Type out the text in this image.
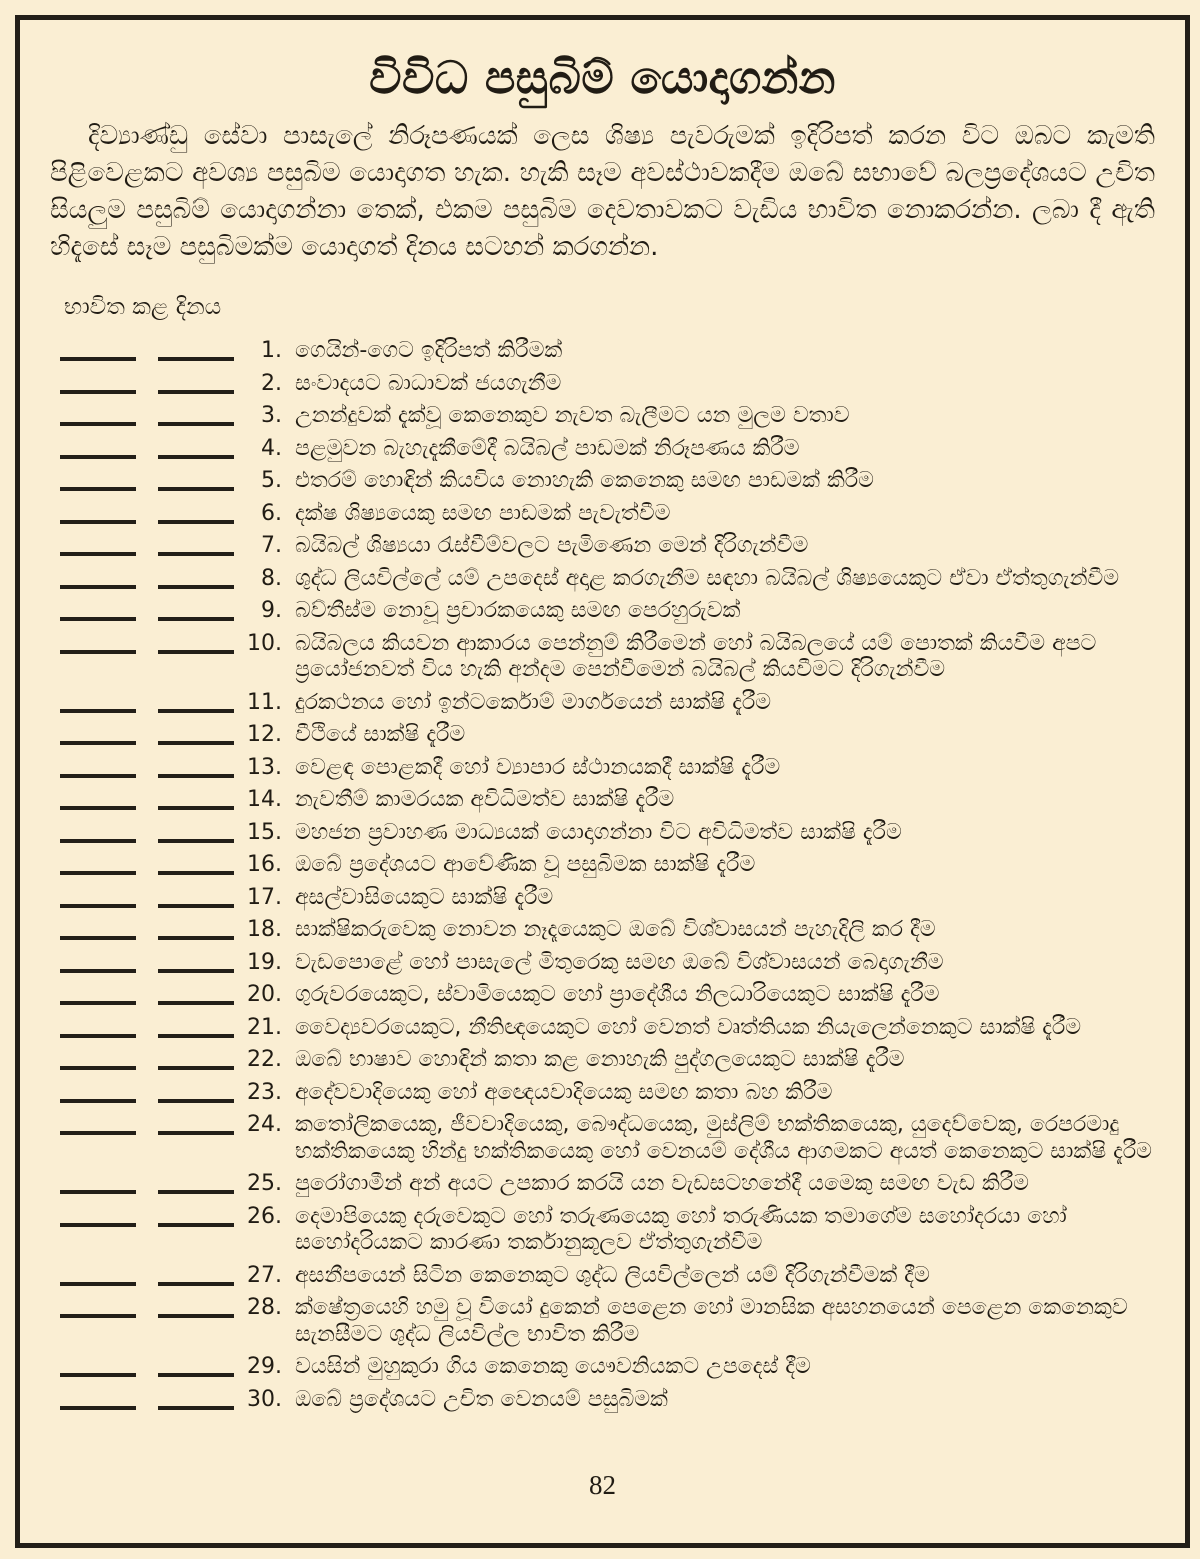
විවිධ පසුබිම් යොදාගන්න
දිව්‍යාණ්ඩු සේවා පාසැලේ නිරූපණයක් ලෙස ශිෂ්‍ය පැවරුමක් ඉදිරිපත් කරන විට ඔබට කැමති පිළිවෙළකට අවශ්‍ය පසුබිම යොදාගත හැක. හැකි සෑම අවස්ථාවකදීම ඔබේ සභාවේ බලප්‍රදේශයට උචිත සියලුම පසුබිම් යොදාගන්නා තෙක්, එකම පසුබිම දෙවතාවකට වැඩිය භාවිත නොකරන්න. ලබා දී ඇති හිදැසේ සෑම පසුබිමක්ම යොදාගත් දිනය සටහන් කරගන්න.
භාවිත කළ දිනය
1. ගෙයින්-ගෙට ඉදිරිපත් කිරීමක්
2. සංවාදයට බාධාවක් ජයගැනීම
3. උනන්දුවක් දැක්වූ කෙනෙකුව නැවත බැලීමට යන මුලම වතාව
4. පළමුවන බැහැදැකීමේදී බයිබල් පාඩමක් නිරූපණය කිරීම
5. එතරම් හොඳින් කියවිය නොහැකි කෙනෙකු සමඟ පාඩමක් කිරීම
6. දක්ෂ ශිෂ්‍යයෙකු සමඟ පාඩමක් පැවැත්වීම
7. බයිබල් ශිෂ්‍යයා රැස්වීම්වලට පැමිණෙන මෙන් දිරිගැන්වීම
8. ශුද්ධ ලියවිල්ලේ යම් උපදෙස් අදාළ කරගැනීම සඳහා බයිබල් ශිෂ්‍යයෙකුට ඒවා ඒත්තුගැන්වීම
9. බව්තීස්ම නොවූ ප්‍රචාරකයෙකු සමඟ පෙරහුරුවක්
10. බයිබලය කියවන ආකාරය පෙන්නුම් කිරීමෙන් හෝ බයිබලයේ යම් පොතක් කියවීම අපට ප්‍රයෝජනවත් විය හැකි අන්දම පෙන්වීමෙන් බයිබල් කියවීමට දිරිගැන්වීම
11. දුරකථනය හෝ ඉන්ටර්කොම් මාර්ගයෙන් සාක්ෂි දැරීම
12. වීථියේ සාක්ෂි දැරීම
13. වෙළඳ පොළකදී හෝ ව්‍යාපාර ස්ථානයකදී සාක්ෂි දැරීම
14. නැවතීම් කාමරයක අවිධිමත්ව සාක්ෂි දැරීම
15. මහජන ප්‍රවාහණ මාධ්‍යයක් යොදාගන්නා විට අවිධිමත්ව සාක්ෂි දැරීම
16. ඔබේ ප්‍රදේශයට ආවේණික වූ පසුබිමක සාක්ෂි දැරීම
17. අසල්වාසියෙකුට සාක්ෂි දැරීම
18. සාක්ෂිකරුවෙකු නොවන නෑදෑයෙකුට ඔබේ විශ්වාසයන් පැහැදිලි කර දීම
19. වැඩපොළේ හෝ පාසැලේ මිතුරෙකු සමඟ ඔබේ විශ්වාසයන් බෙදාගැනීම
20. ගුරුවරයෙකුට, ස්වාමියෙකුට හෝ ප්‍රාදේශීය නිලධාරියෙකුට සාක්ෂි දැරීම
21. වෛද්‍යවරයෙකුට, නීතිඥයෙකුට හෝ වෙනත් වෘත්තියක නියැලෙන්නෙකුට සාක්ෂි දැරීම
22. ඔබේ භාෂාව හොඳින් කතා කළ නොහැකි පුද්ගලයෙකුට සාක්ෂි දැරීම
23. අදේවවාදියෙකු හෝ අඥෙයවාදියෙකු සමඟ කතා බහ කිරීම
24. කතෝලිකයෙකු, ජීවවාදියෙකු, බෞද්ධයෙකු, මුස්ලිම් භක්තිකයෙකු, යුදෙව්වෙකු, රෙපරමාදු භක්තිකයෙකු හින්දු භක්තිකයෙකු හෝ වෙනයම් දේශීය ආගමකට අයත් කෙනෙකුට සාක්ෂි දැරීම
25. පුරෝගාමීන් අන් අයට උපකාර කරයි යන වැඩසටහනේදී යමෙකු සමඟ වැඩ කිරීම
26. දෙමාපියෙකු දරුවෙකුට හෝ තරුණයෙකු හෝ තරුණියක තමාගේම සහෝදරයා හෝ සහෝදරියකට කාරණා තර්කානුකූලව ඒත්තුගැන්වීම
27. අසනීපයෙන් සිටින කෙනෙකුට ශුද්ධ ලියවිල්ලෙන් යම් දිරිගැන්වීමක් දීම
28. ක්ෂේත්‍රයෙහි හමු වූ වියෝ දුකෙන් පෙළෙන හෝ මානසික අසහනයෙන් පෙළෙන කෙනෙකුව සැනසීමට ශුද්ධ ලියවිල්ල භාවිත කිරීම
29. වයසින් මුහුකුරා ගිය කෙනෙකු යෞවනියකට උපදෙස් දීම
30. ඔබේ ප්‍රදේශයට උචිත වෙනයම් පසුබිමක්
82
